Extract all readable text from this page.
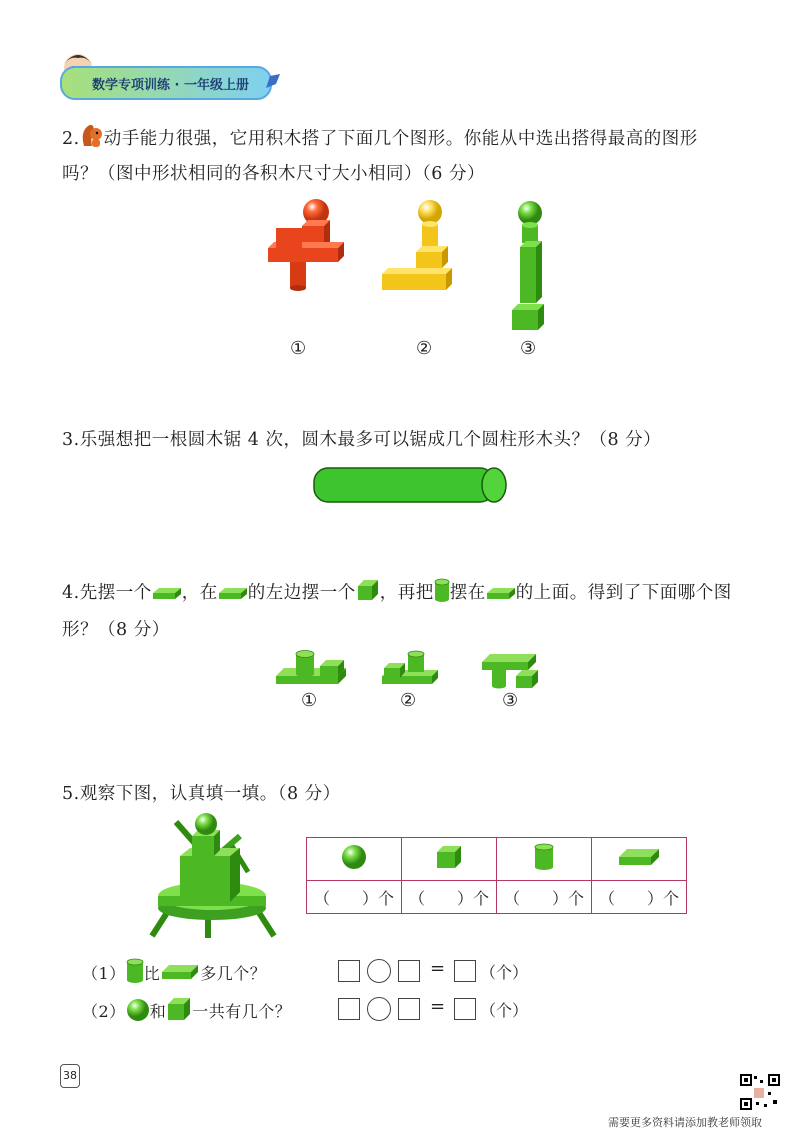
数学专项训练 · 一年级上册
2. 动手能力很强，它用积木搭了下面几个图形。你能从中选出搭得最高的图形
吗？（图中形状相同的各积木尺寸大小相同）（6 分）
①	②	③
3.乐强想把一根圆木锯 4 次，圆木最多可以锯成几个圆柱形木头？（8 分）
4.先摆一个 ，在 的左边摆一个 ，再把 摆在 的上面。得到了下面哪个图
形？（8 分）
①	②	③
5.观察下图，认真填一填。（8 分）

（　　）个	（　　）个	（　　）个	（　　）个
（1） 比	多几个？
（2） 和 一共有几个？
= （个）
= （个）
38
需要更多资料请添加教老师领取
